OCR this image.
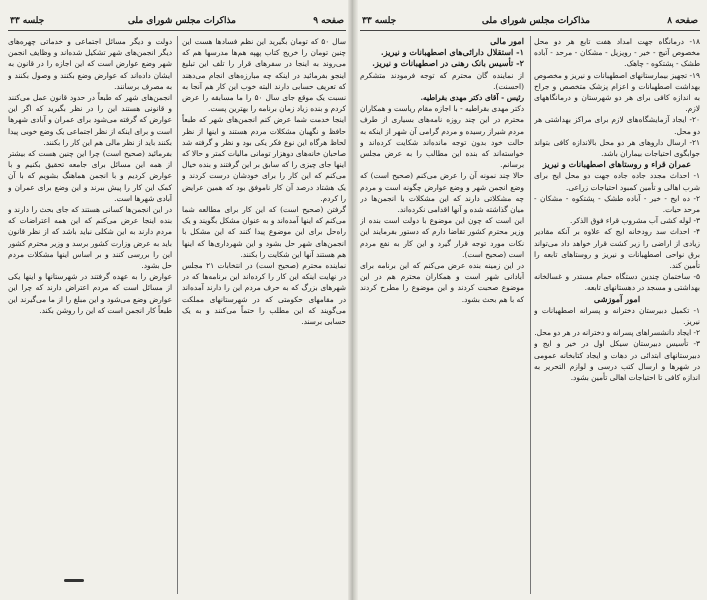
صفحه ۹
مذاکرات مجلس شورای ملی
جلسه ۳۳

سال ۵۰ که تومان بگیرید این نظم فساد‌ها هست این چنین تومان را خریج کتاب پهپه هم‌ها مدرسها هم که می‌روند به اینجا در سفرهای قرار را تلف این تبلیغ اینجو بفرمائید در اینکه چه مبارزه‌های انجام می‌دهند که تعریف حسابی دارند البته خوب این کار هم آنجا به نسبت یک موقع جای سال ۵۰ را ما مسابقه را عرض کردم و بنده زیاد زمان برنامه را بهترین پست.

اینجا خدمت شما عرض کنم انجمن‌های شهر که طبعاً حافظ و نگهبان مشکلات مردم هستند و اینها از نظر لحاظ هرگاه این نوع فکر یکی بود و نظر و گرفته شد صاحبان خانه‌های دوهزار تومانی مالیات کمتر و حالا که اینها جای چیزی را که سابق بر این گرفتند و بنده خیال می‌کنم که این کار را برای خودشان درست کردند و یک هشتاد درصد آن کار ناموفق بود که همین عرایض را کردم.

گرفتن (صحیح است) که این کار برای مطالعه شما می‌کنم که اینها آمده‌اند و به عنوان مشکل بگویند و یک راه‌حل برای این موضوع پیدا کنند که این مشکل با انجمن‌های شهر حل بشود و این شهرداری‌ها که اینها هم هستند آنها این شکایت را بکنند.

نماینده محترم (صحیح است) در انتخابات ۲۱ مجلس در نهایت اینکه این کار را کرده‌اند این برنامه‌ها که در شهرهای بزرگ که به حرف مردم این را دارند آمده‌اند در مقامهای حکومتی که در شهرستانهای مملکت می‌گویند که این مطلب را حتماً می‌کنند و به یک حسابی برسند.

دولت و دیگر مسائل اجتماعی و خدماتی چهره‌های دیگر انجمن‌های شهر تشکیل شده‌اند و وظایف انجمن شهر وضع عوارض است که این اجازه را در قانون به ایشان داده‌اند که عوارض وضع بکنند و وصول بکنند و به مصرف برسانند.

انجمن‌های شهر که طبعاً در حدود قانون عمل می‌کنند و قانونی هستند این را در نظر بگیرید که اگر این عوارض که گرفته می‌شود برای عمران و آبادی شهرها است و برای اینکه از نظر اجتماعی یک وضع خوبی پیدا بکنند باید از نظر مالی هم این کار را بکنند.

بفرمائید (صحیح است) چرا این چنین هست که بیشتر از همه این مسائل برای جامعه تحقیق بکنیم و با عوارض کردیم و با انجمن هماهنگ بشویم که با آن کمک این کار را پیش ببرند و این وضع برای عمران و آبادی شهرها است.

در این انجمن‌ها کسانی هستند که جای بحث را دارند و بنده اینجا عرض می‌کنم که این همه اعتراضات که مردم دارند به این شکلی نباید باشد که از نظر قانون باید به عرض وزارت کشور برسد و وزیر محترم کشور این را بررسی کنند و بر اساس اینها مشکلات مردم حل بشود.

عوارض را به عهده گرفتند در شهرستانها و اینها یکی از مسائل است که مردم اعتراض دارند که چرا این عوارض وضع می‌شود و این مبلغ را از ما می‌گیرند این طبعاً کار انجمن است که این را روشن بکند.

صفحه ۸
مذاکرات مجلس شورای ملی
جلسه ۳۳

۱۸- درمانگاه جهت امداد هفت تابع هر دو محل مخصوص آتیچ - خیر - رویزیل - مشکان - مرحد - آباده طشک - پشتکوه - چاهک.

۱۹- تجهیز بیمارستانهای اصطهبانات و نیریز و مخصوص بهداشت اصطهبانات و اعزام پزشک متخصص و جراح به اندازه کافی برای هر دو شهرستان و درمانگاههای لازم.

۲۰- ایجاد آزمایشگاه‌های لازم برای مراکز بهداشتی هر دو محل.

۲۱- ارسال داروهای هر دو محل بالاندازه کافی بتواند جوابگوی احتیاجات بیماران باشد.

عمران قراء و روستاهای اصطهبانات و نیریز

۱- احداث مجدد جاده جاده جهت دو محل ایج برای شرب اهالی و تأمین کمبود احتیاجات زراعی.

۲- ده ایج - خیر - آباده طشک - پشتکوه - مشکان - مرحد حیات.

۳- لوله کشی آب مشروب قراء فوق الذکر.

۴- احداث سد رودخانه ایج که علاوه بر آنکه مقادیر زیادی از اراضی را زیر کشت قرار خواهد داد می‌تواند برق نواحی اصطهبانات و نیریز و روستاهای تابعه را تأمین کند.

۵- ساختمان چندین دستگاه حمام مستدر و غسالخانه بهداشتی و مسجد در دهستانهای تابعه.

امور آموزشی

۱- تکمیل دبیرستان دخترانه و پسرانه اصطهبانات و نیریز.

۲- ایجاد دانشسراهای پسرانه و دخترانه در هر دو محل.

۳- تأسیس دبیرستان سیکل اول در خیر و ایج و دبیرستانهای ابتدائی در دهات و ایجاد کتابخانه عمومی در شهرها و ارسال کتب درسی و لوازم التحریر به اندازه کافی تا احتیاجات اهالی تأمین بشود.

امور مالی

۱- استقلال دارائی‌های اصطهبانات و نیریز.

۲- تأسیس بانک رهنی در اصطهبانات و نیریز.

از نماینده گان محترم که توجه فرمودند متشکرم (احسنت).

رئیس - آقای دکتر مهدی بقراطیه.

دکتر مهدی بقراطیه - با اجازه مقام ریاست و همکاران محترم در این چند روزه نامه‌های بسیاری از طرف مردم شیراز رسیده و مردم گرامی آن شهر از اینکه به حالت خود بدون توجه مانده‌اند شکایت کرده‌اند و خواسته‌اند که بنده این مطالب را به عرض مجلس برسانم.

حالا چند نمونه آن را عرض می‌کنم (صحیح است) که وضع انجمن شهر و وضع عوارض چگونه است و مردم چه مشکلاتی دارند که این مشکلات با انجمن‌ها در میان گذاشته شده و آنها اقدامی نکرده‌اند.

این است که چون این موضوع با دولت است بنده از وزیر محترم کشور تقاضا دارم که دستور بفرمایند این نکات مورد توجه قرار گیرد و این کار به نفع مردم است (صحیح است).

در این زمینه بنده عرض می‌کنم که این برنامه برای آبادانی شهر است و همکاران محترم هم در این موضوع صحبت کردند و این موضوع را مطرح کردند که با هم بحث بشود.
